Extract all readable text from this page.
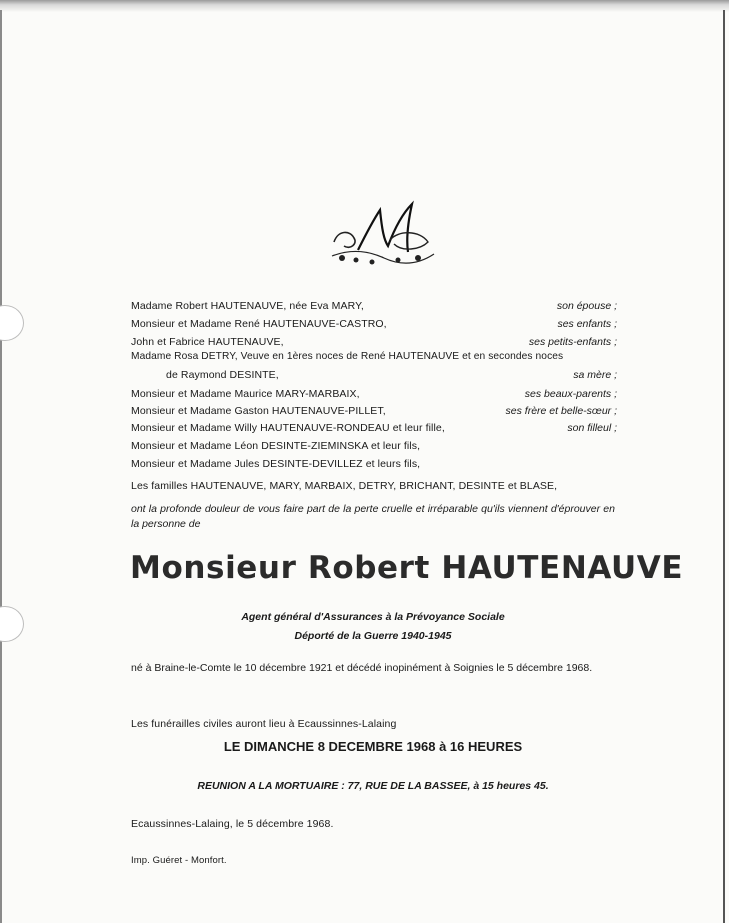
M
Madame Robert HAUTENAUVE, née Eva MARY,	son épouse ;
Monsieur et Madame René HAUTENAUVE-CASTRO,	ses enfants ;
John et Fabrice HAUTENAUVE,	ses petits-enfants ;
Madame Rosa DETRY, Veuve en 1ères noces de René HAUTENAUVE et en secondes noces
de Raymond DESINTE,	sa mère ;
Monsieur et Madame Maurice MARY-MARBAIX,	ses beaux-parents ;
Monsieur et Madame Gaston HAUTENAUVE-PILLET,	ses frère et belle-sœur ;
Monsieur et Madame Willy HAUTENAUVE-RONDEAU et leur fille,	son filleul ;
Monsieur et Madame Léon DESINTE-ZIEMINSKA et leur fils,
Monsieur et Madame Jules DESINTE-DEVILLEZ et leurs fils,
Les familles HAUTENAUVE, MARY, MARBAIX, DETRY, BRICHANT, DESINTE et BLASE,
ont la profonde douleur de vous faire part de la perte cruelle et irréparable qu'ils viennent d'éprouver en la personne de
Monsieur Robert HAUTENAUVE
Agent général d'Assurances à la Prévoyance Sociale
Déporté de la Guerre 1940-1945
né à Braine-le-Comte le 10 décembre 1921 et décédé inopinément à Soignies le 5 décembre 1968.
Les funérailles civiles auront lieu à Ecaussinnes-Lalaing
LE DIMANCHE 8 DECEMBRE 1968 à 16 HEURES
REUNION A LA MORTUAIRE : 77, RUE DE LA BASSEE, à 15 heures 45.
Ecaussinnes-Lalaing, le 5 décembre 1968.
Imp. Guéret - Monfort.
